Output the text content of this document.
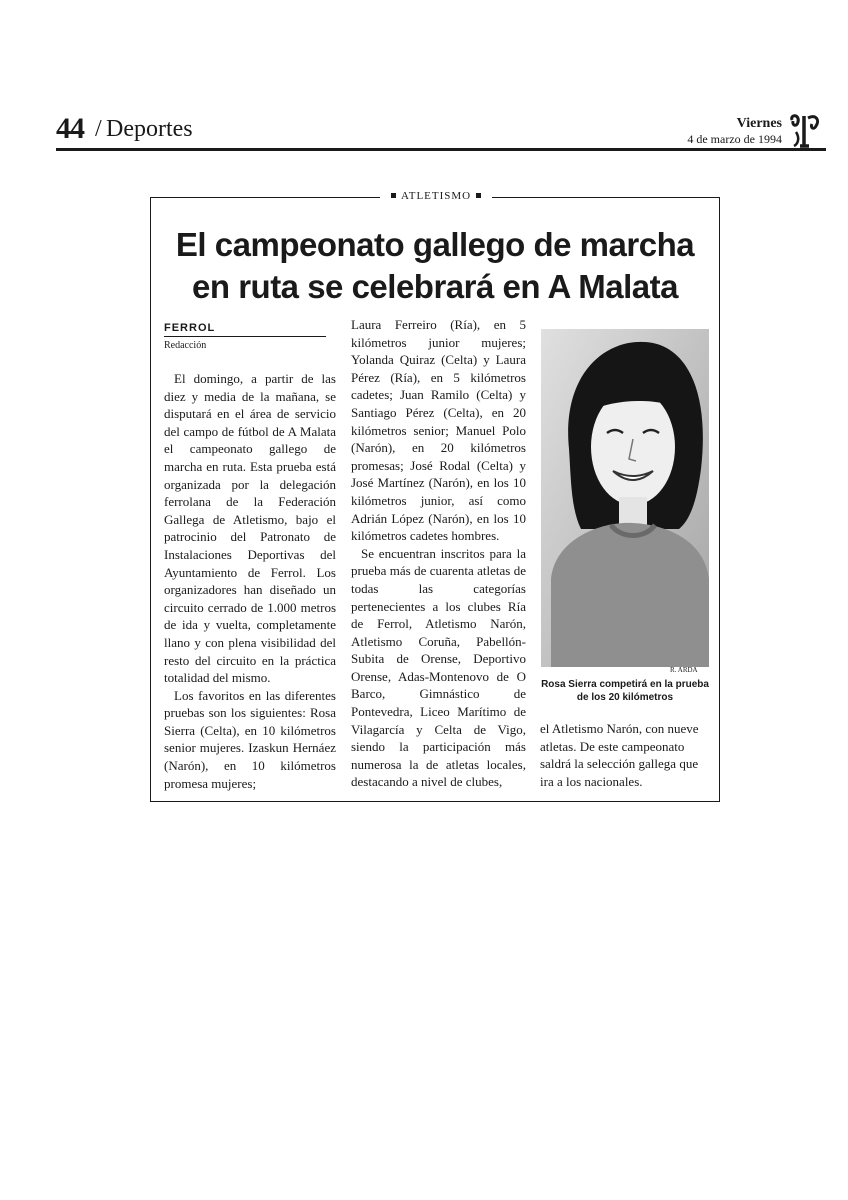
44 / Deportes	Viernes
4 de marzo de 1994
ATLETISMO
El campeonato gallego de marcha
en ruta se celebrará en A Malata
FERROL
Redacción

El domingo, a partir de las diez y media de la mañana, se disputará en el área de servicio del campo de fútbol de A Malata el campeonato gallego de marcha en ruta. Esta prueba está organizada por la delegación ferrolana de la Federación Gallega de Atletismo, bajo el patrocinio del Patronato de Instalaciones Deportivas del Ayuntamiento de Ferrol. Los organizadores han diseñado un circuito cerrado de 1.000 metros de ida y vuelta, completamente llano y con plena visibilidad del resto del circuito en la práctica totalidad del mismo.

Los favoritos en las diferentes pruebas son los siguientes: Rosa Sierra (Celta), en 10 kilómetros senior mujeres. Izaskun Hernáez (Narón), en 10 kilómetros promesa mujeres;

Laura Ferreiro (Ría), en 5 kilómetros junior mujeres; Yolanda Quiraz (Celta) y Laura Pérez (Ría), en 5 kilómetros cadetes; Juan Ramilo (Celta) y Santiago Pérez (Celta), en 20 kilómetros senior; Manuel Polo (Narón), en 20 kilómetros promesas; José Rodal (Celta) y José Martínez (Narón), en los 10 kilómetros junior, así como Adrián López (Narón), en los 10 kilómetros cadetes hombres.

Se encuentran inscritos para la prueba más de cuarenta atletas de todas las categorías pertenecientes a los clubes Ría de Ferrol, Atletismo Narón, Atletismo Coruña, Pabellón-Subita de Orense, Deportivo Orense, Adas-Montenovo de O Barco, Gimnástico de Pontevedra, Liceo Marítimo de Vilagarcía y Celta de Vigo, siendo la participación más numerosa la de atletas locales, destacando a nivel de clubes,

el Atletismo Narón, con nueve atletas. De este campeonato saldrá la selección gallega que ira a los nacionales.

R. ARDA
Rosa Sierra competirá en la prueba de los 20 kilómetros
